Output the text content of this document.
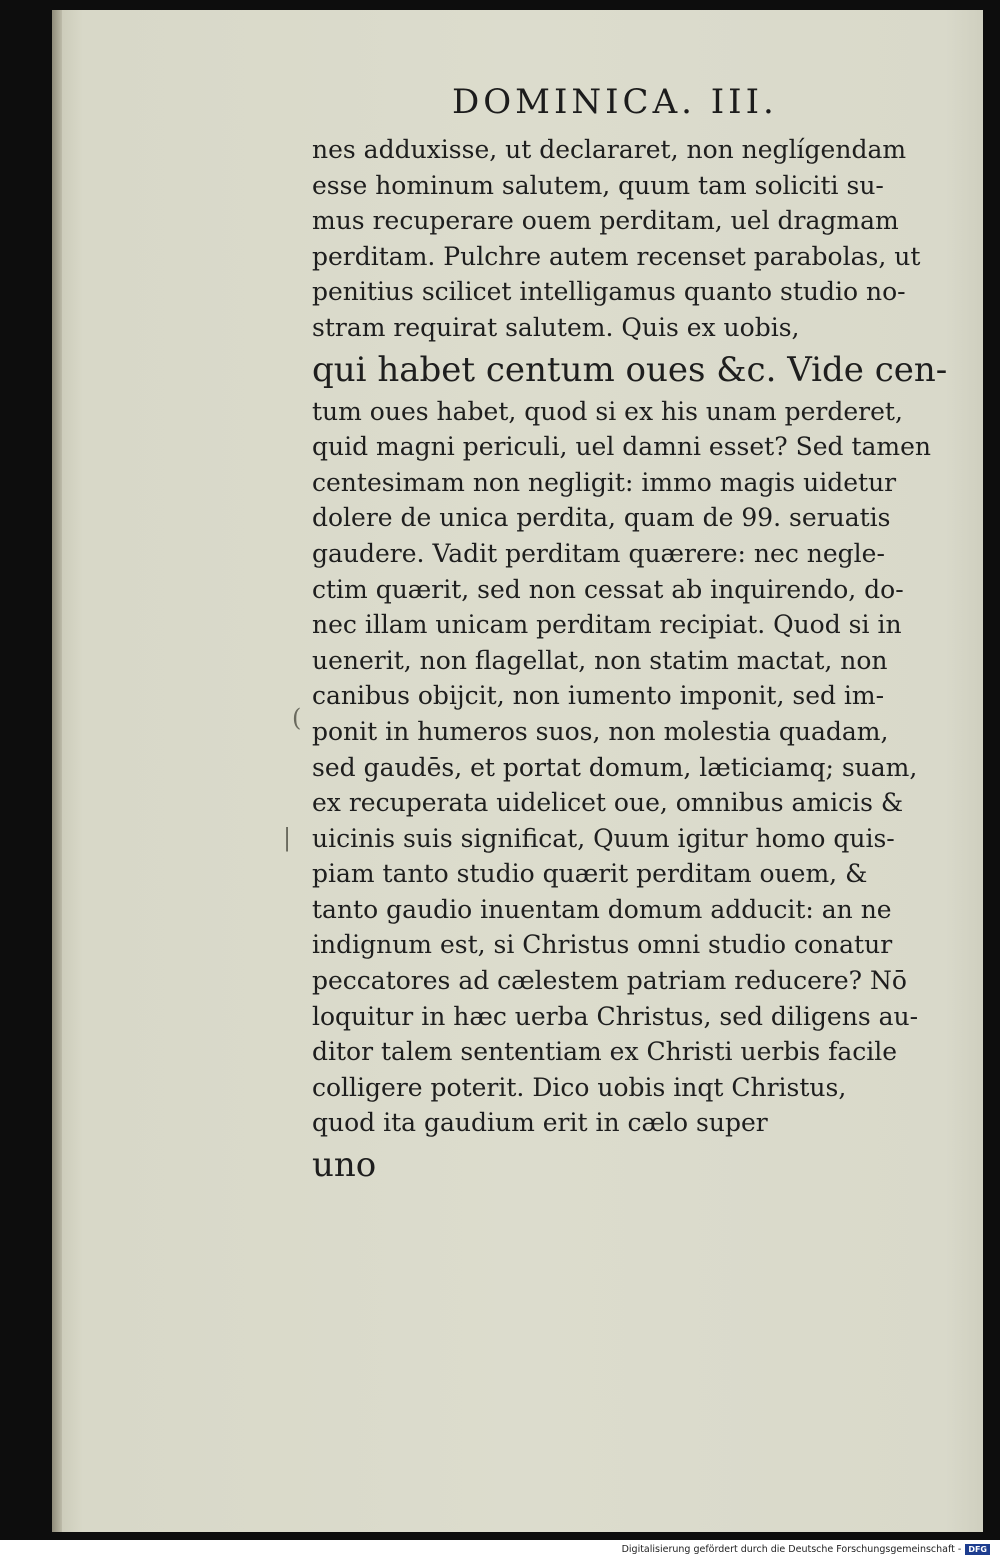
DOMINICA. III.
nes adduxisse, ut declararet, non neglígendam
esse hominum salutem, quum tam soliciti su-
mus recuperare ouem perditam, uel dragmam
perditam. Pulchre autem recenset parabolas, ut
penitius scilicet intelligamus quanto studio no-
stram requirat salutem. Quis ex uobis,
qui habet centum oues &c. Vide cen-
tum oues habet, quod si ex his unam perderet,
quid magni periculi, uel damni esset? Sed tamen
centesimam non negligit: immo magis uidetur
dolere de unica perdita, quam de 99. seruatis
gaudere. Vadit perditam quærere: nec negle-
ctim quærit, sed non cessat ab inquirendo, do-
nec illam unicam perditam recipiat. Quod si in
uenerit, non flagellat, non statim mactat, non
canibus obijcit, non iumento imponit, sed im-
ponit in humeros suos, non molestia quadam,
sed gaudēs, et portat domum, læticiamq; suam,
ex recuperata uidelicet oue, omnibus amicis &
uicinis suis significat, Quum igitur homo quis-
piam tanto studio quærit perditam ouem, &
tanto gaudio inuentam domum adducit: an ne
indignum est, si Christus omni studio conatur
peccatores ad cælestem patriam reducere? Nō
loquitur in hæc uerba Christus, sed diligens au-
ditor talem sententiam ex Christi uerbis facile
colligere poterit. Dico uobis inqt Christus,
quod ita gaudium erit in cælo super
uno
(
|
Digitalisierung gefördert durch die Deutsche Forschungsgemeinschaft - DFG
